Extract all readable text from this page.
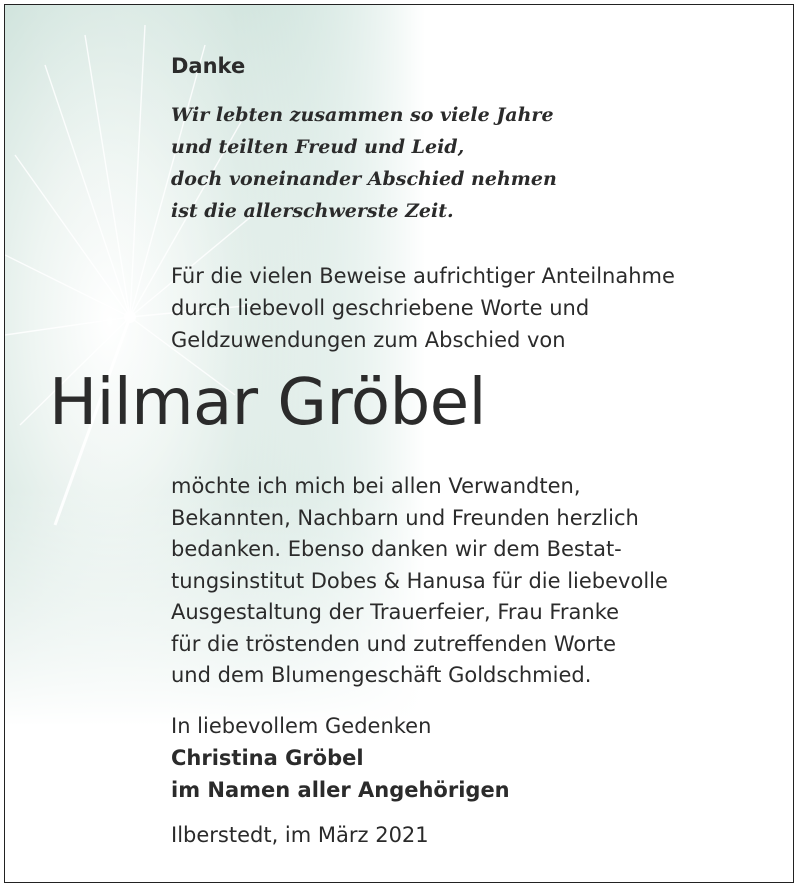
Danke
Wir lebten zusammen so viele Jahre
und teilten Freud und Leid,
doch voneinander Abschied nehmen
ist die allerschwerste Zeit.
Für die vielen Beweise aufrichtiger Anteilnahme
durch liebevoll geschriebene Worte und
Geldzuwendungen zum Abschied von
Hilmar Gröbel
möchte ich mich bei allen Verwandten,
Bekannten, Nachbarn und Freunden herzlich
bedanken. Ebenso danken wir dem Bestat-
tungsinstitut Dobes & Hanusa für die liebevolle
Ausgestaltung der Trauerfeier, Frau Franke
für die tröstenden und zutreffenden Worte
und dem Blumengeschäft Goldschmied.
In liebevollem Gedenken
Christina Gröbel
im Namen aller Angehörigen
Ilberstedt, im März 2021
